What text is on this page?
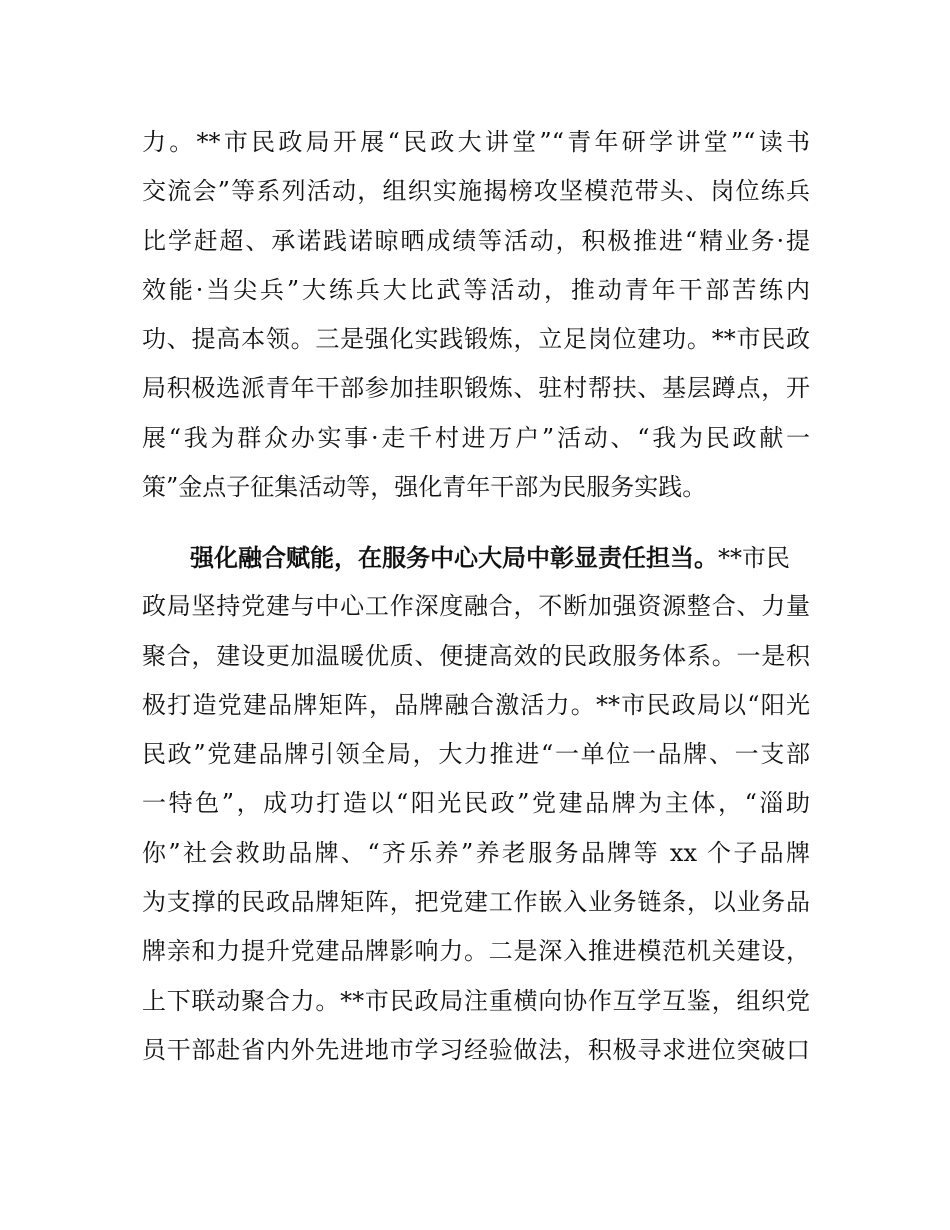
力。**市民政局开展“民政大讲堂”“青年研学讲堂”“读书
交流会”等系列活动，组织实施揭榜攻坚模范带头、岗位练兵
比学赶超、承诺践诺晾晒成绩等活动，积极推进“精业务·提
效能·当尖兵”大练兵大比武等活动，推动青年干部苦练内
功、提高本领。三是强化实践锻炼，立足岗位建功。**市民政
局积极选派青年干部参加挂职锻炼、驻村帮扶、基层蹲点，开
展“我为群众办实事·走千村进万户”活动、“我为民政献一
策”金点子征集活动等，强化青年干部为民服务实践。
强化融合赋能，在服务中心大局中彰显责任担当。**市民
政局坚持党建与中心工作深度融合，不断加强资源整合、力量
聚合，建设更加温暖优质、便捷高效的民政服务体系。一是积
极打造党建品牌矩阵，品牌融合激活力。**市民政局以“阳光
民政”党建品牌引领全局，大力推进“一单位一品牌、一支部
一特色”，成功打造以“阳光民政”党建品牌为主体，“淄助
你”社会救助品牌、“齐乐养”养老服务品牌等 xx 个子品牌
为支撑的民政品牌矩阵，把党建工作嵌入业务链条，以业务品
牌亲和力提升党建品牌影响力。二是深入推进模范机关建设，
上下联动聚合力。**市民政局注重横向协作互学互鉴，组织党
员干部赴省内外先进地市学习经验做法，积极寻求进位突破口
